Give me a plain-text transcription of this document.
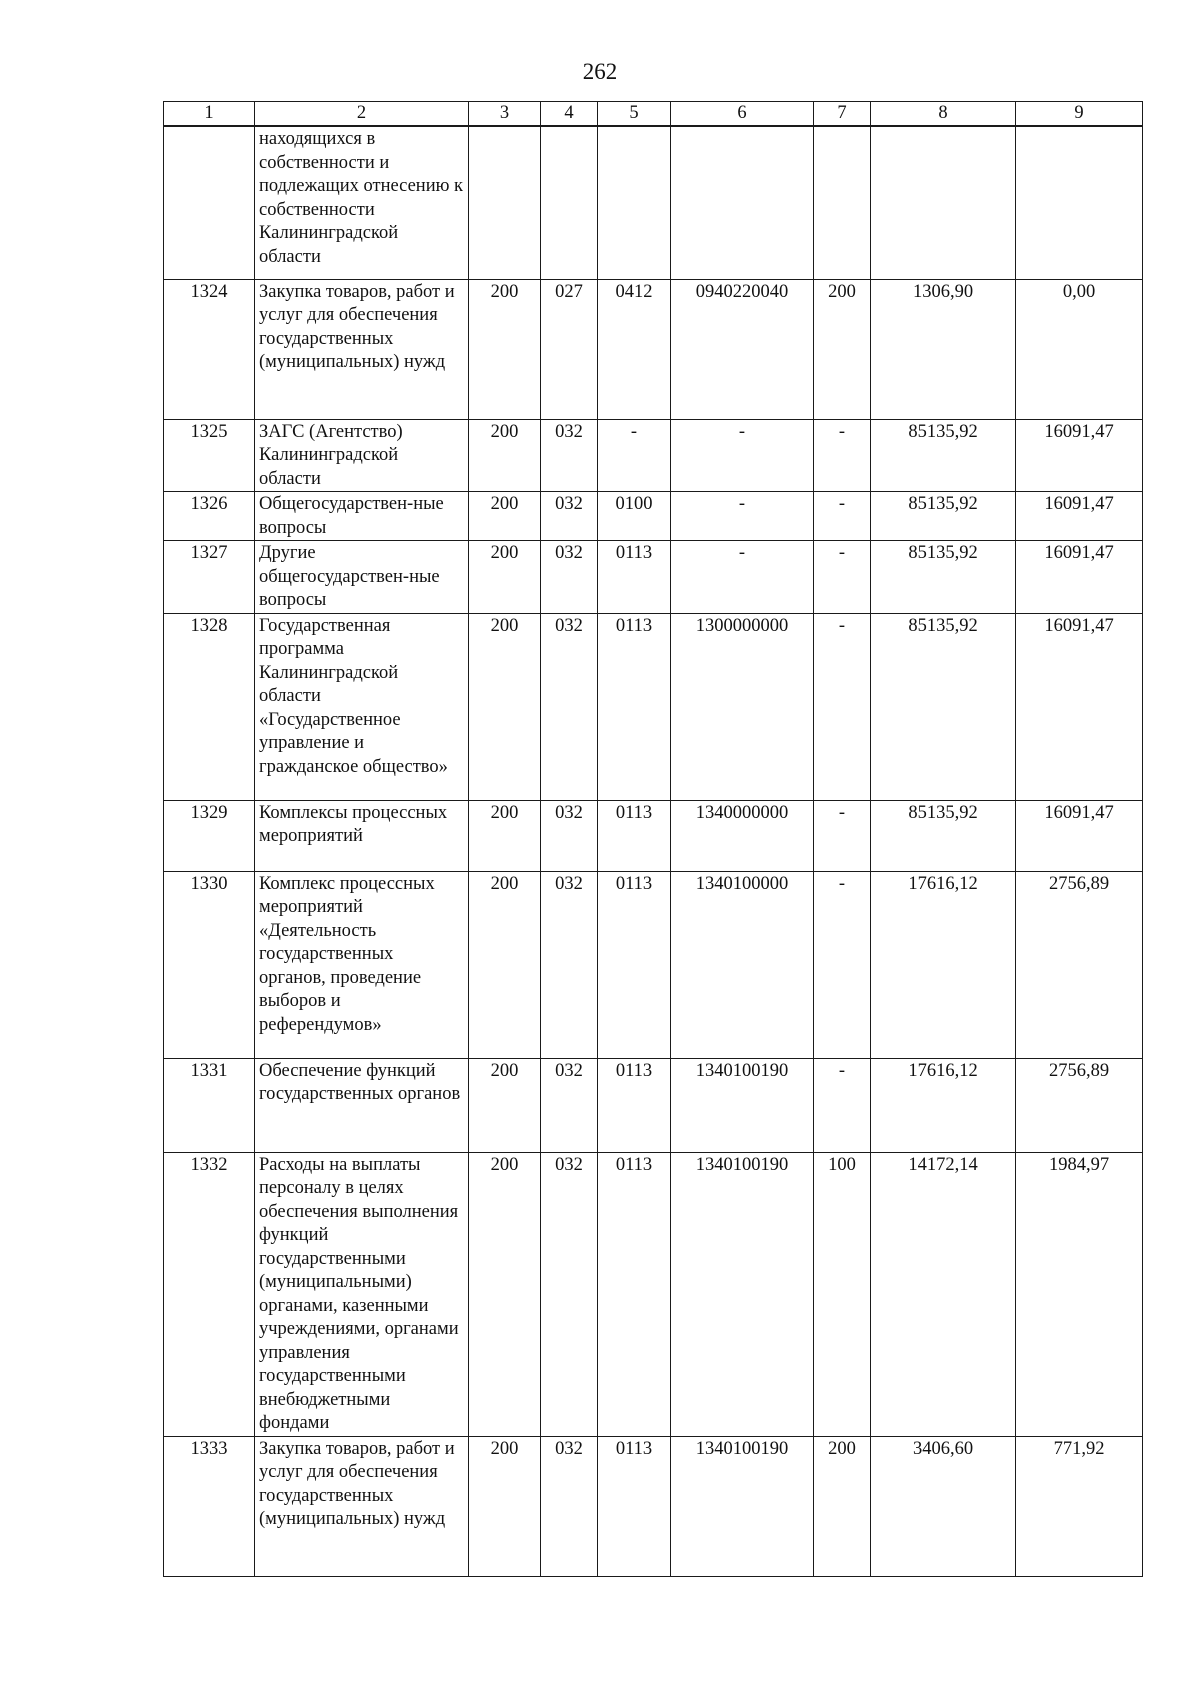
262
1	2	3	4	5	6	7	8	9
	находящихся в собственности и подлежащих отнесению к собственности Калининградской области							
1324	Закупка товаров, работ и услуг для обеспечения государственных (муниципальных) нужд	200	027	0412	0940220040	200	1306,90	0,00
1325	ЗАГС (Агентство) Калининградской области	200	032	-	-	-	85135,92	16091,47
1326	Общегосударствен-ные вопросы	200	032	0100	-	-	85135,92	16091,47
1327	Другие общегосударствен-ные вопросы	200	032	0113	-	-	85135,92	16091,47
1328	Государственная программа Калининградской области «Государственное управление и гражданское общество»	200	032	0113	1300000000	-	85135,92	16091,47
1329	Комплексы процессных мероприятий	200	032	0113	1340000000	-	85135,92	16091,47
1330	Комплекс процессных мероприятий «Деятельность государственных органов, проведение выборов и референдумов»	200	032	0113	1340100000	-	17616,12	2756,89
1331	Обеспечение функций государственных органов	200	032	0113	1340100190	-	17616,12	2756,89
1332	Расходы на выплаты персоналу в целях обеспечения выполнения функций государственными (муниципальными) органами, казенными учреждениями, органами управления государственными внебюджетными фондами	200	032	0113	1340100190	100	14172,14	1984,97
1333	Закупка товаров, работ и услуг для обеспечения государственных (муниципальных) нужд	200	032	0113	1340100190	200	3406,60	771,92
